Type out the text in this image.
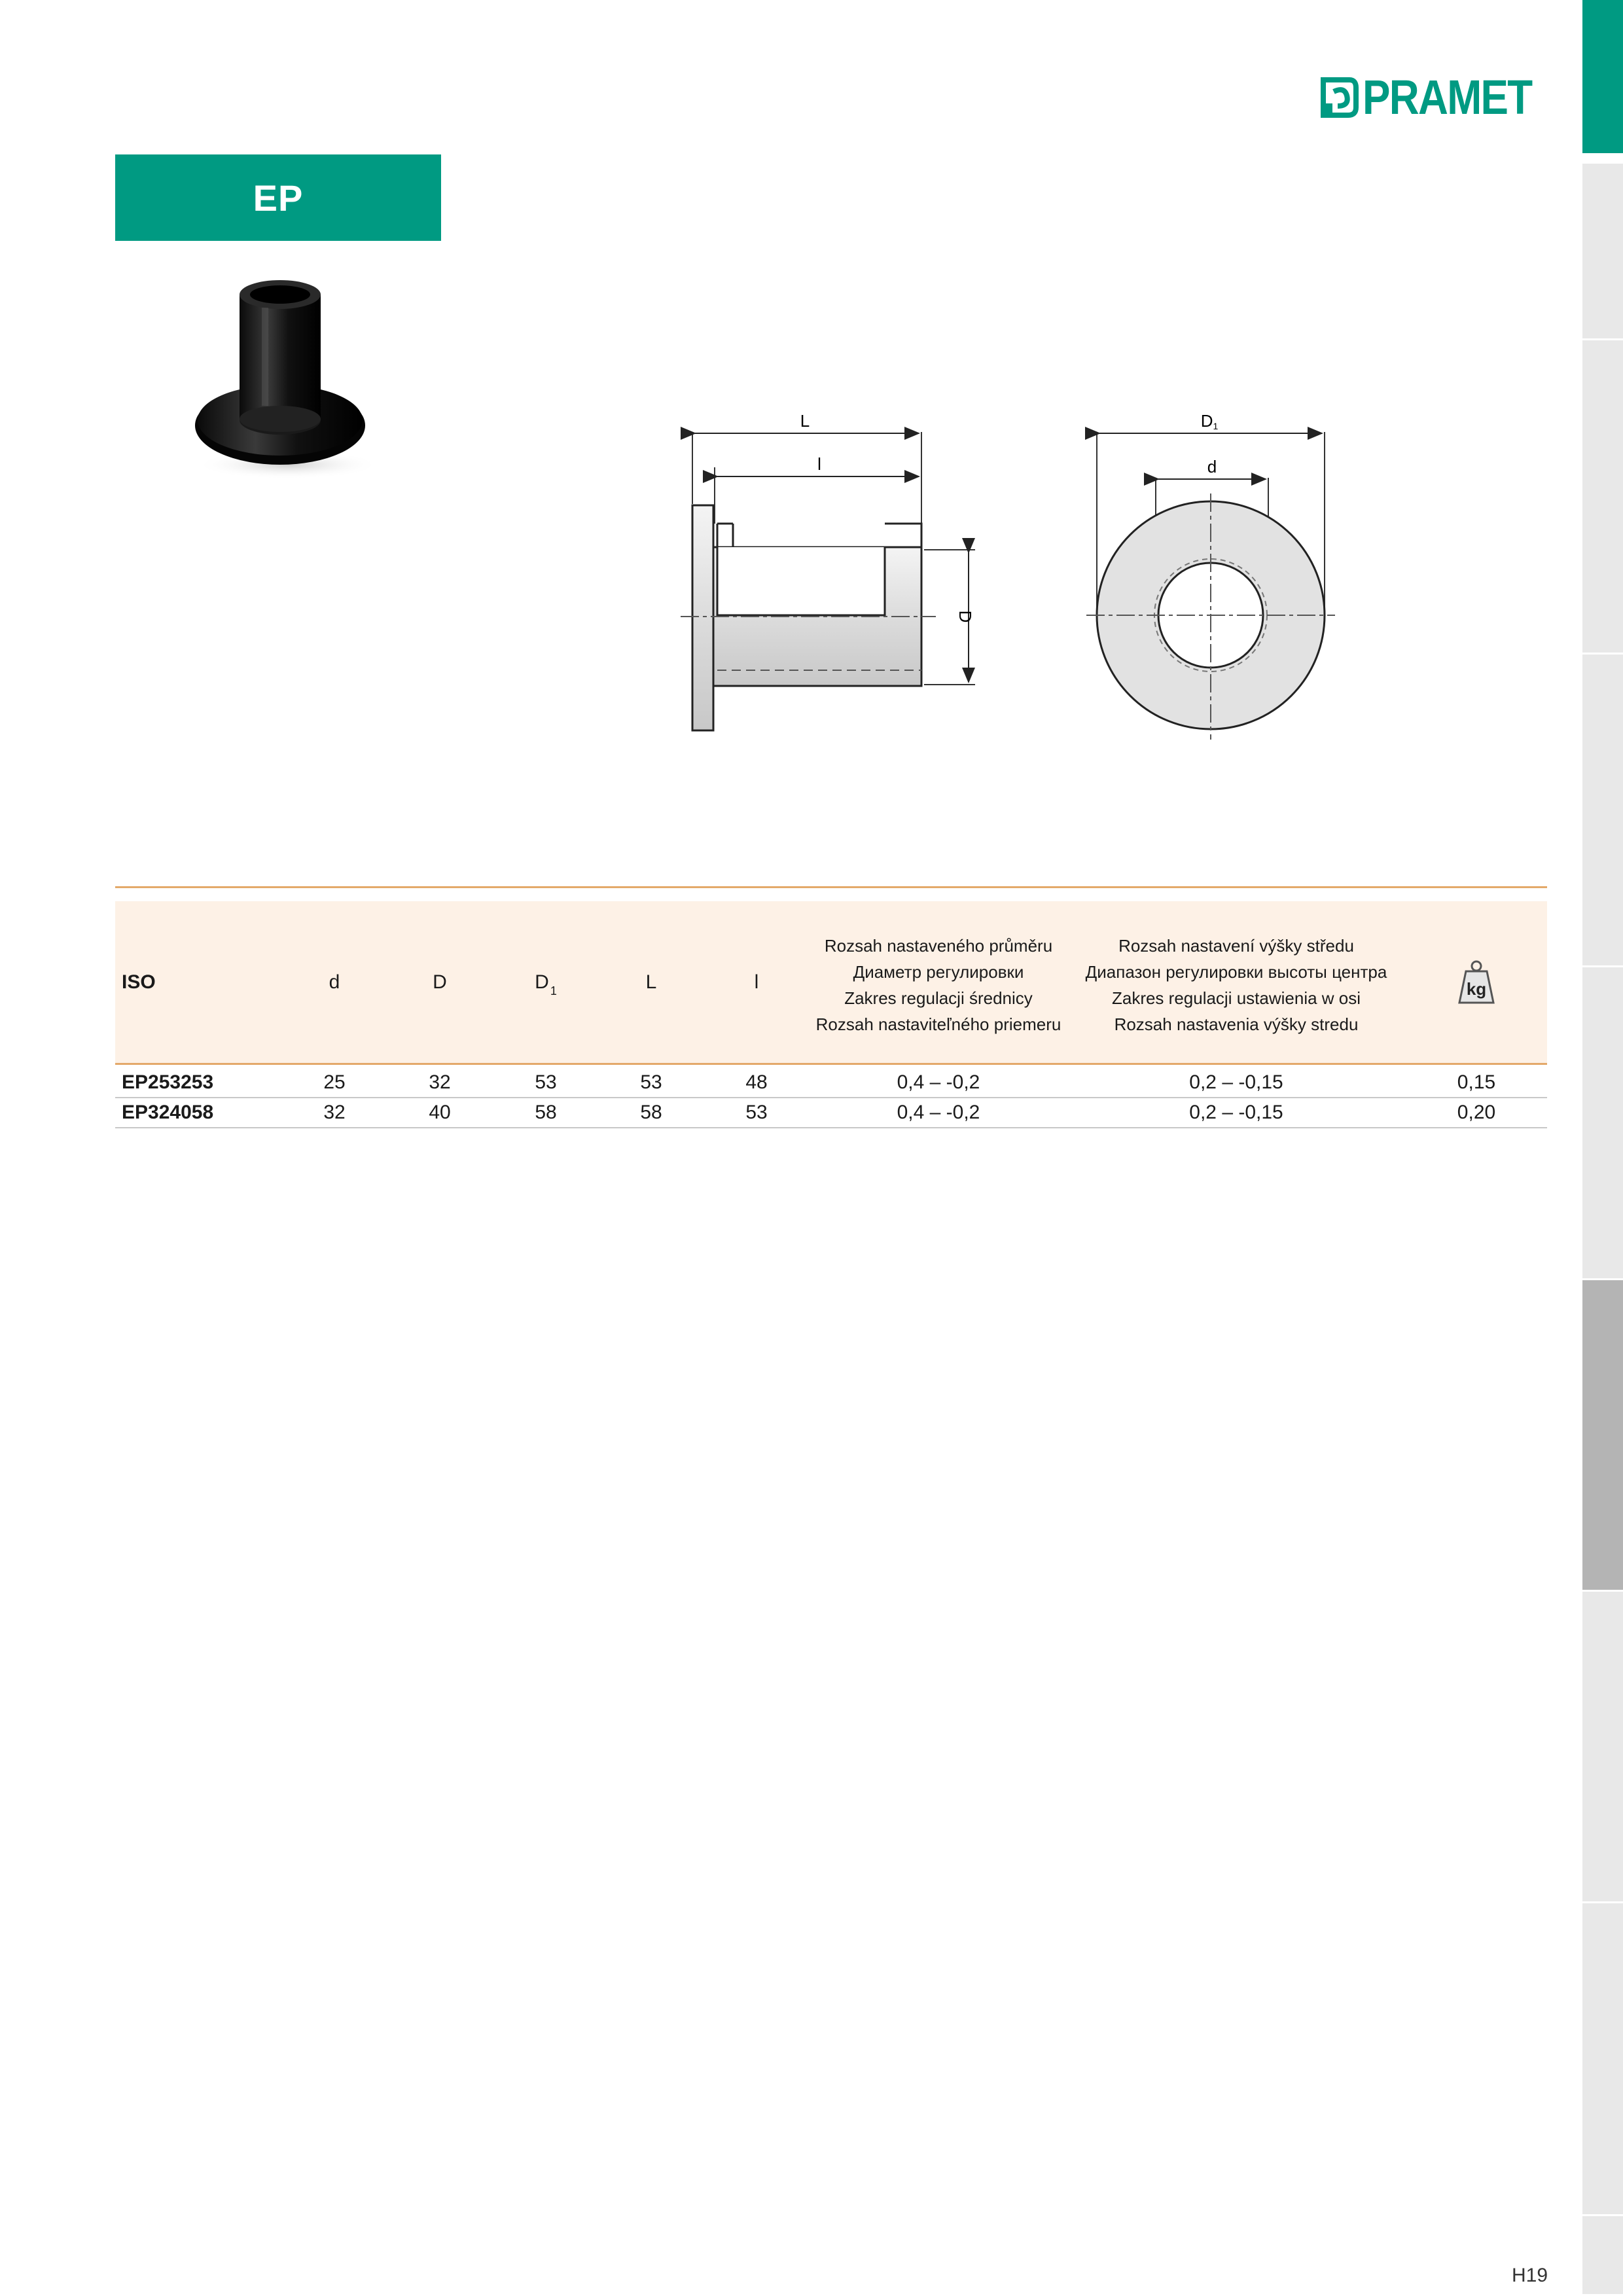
PRAMET
EP
L
l
D
D1
d
ISO	d	D	D $_1$	L	l
Rozsah nastaveného průměru
Диаметр регулировки
Zakres regulacji średnicy
Rozsah nastaviteľného priemeru
Rozsah nastavení výšky středu
Диапазон регулировки высоты центра
Zakres regulacji ustawienia w osi
Rozsah nastavenia výšky stredu
kg
EP253253	25	32	53	53	48	0,4 – -0,2	0,2 – -0,15	0,15
EP324058	32	40	58	58	53	0,4 – -0,2	0,2 – -0,15	0,20
H19
